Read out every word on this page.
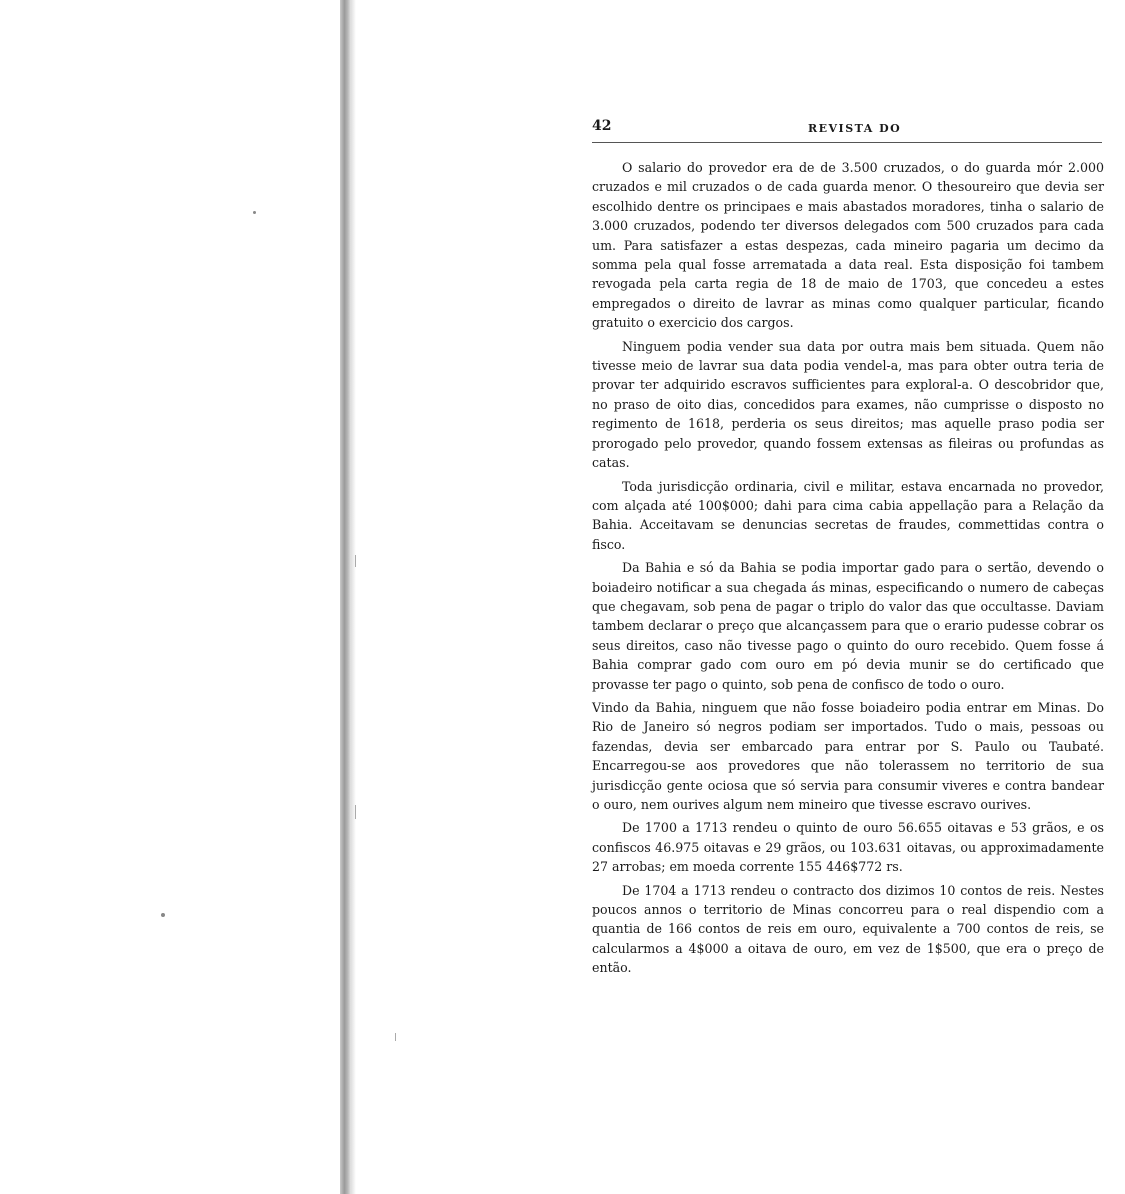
42	REVISTA DO

O salario do provedor era de de 3.500 cruzados, o do guarda mór 2.000 cruzados e mil cruzados o de cada guarda menor. O thesoureiro que devia ser escolhido dentre os principaes e mais abastados moradores, tinha o salario de 3.000 cruzados, podendo ter diversos delegados com 500 cruzados para cada um. Para satisfazer a estas despezas, cada mineiro pagaria um decimo da somma pela qual fosse arrematada a data real. Esta disposição foi tambem revogada pela carta regia de 18 de maio de 1703, que concedeu a estes empregados o direito de lavrar as minas como qualquer particular, ficando gratuito o exercicio dos cargos.

Ninguem podia vender sua data por outra mais bem situada. Quem não tivesse meio de lavrar sua data podia vendel-a, mas para obter outra teria de provar ter adquirido escravos sufficientes para exploral-a. O descobridor que, no praso de oito dias, concedidos para exames, não cumprisse o disposto no regimento de 1618, perderia os seus direitos; mas aquelle praso podia ser prorogado pelo provedor, quando fossem extensas as fileiras ou profundas as catas.

Toda jurisdicção ordinaria, civil e militar, estava encarnada no provedor, com alçada até 100$000; dahi para cima cabia appellação para a Relação da Bahia. Acceitavam se denuncias secretas de fraudes, commettidas contra o fisco.

Da Bahia e só da Bahia se podia importar gado para o sertão, devendo o boiadeiro notificar a sua chegada ás minas, especificando o numero de cabeças que chegavam, sob pena de pagar o triplo do valor das que occultasse. Daviam tambem declarar o preço que alcançassem para que o erario pudesse cobrar os seus direitos, caso não tivesse pago o quinto do ouro recebido. Quem fosse á Bahia comprar gado com ouro em pó devia munir se do certificado que provasse ter pago o quinto, sob pena de confisco de todo o ouro.

Vindo da Bahia, ninguem que não fosse boiadeiro podia entrar em Minas. Do Rio de Janeiro só negros podiam ser importados. Tudo o mais, pessoas ou fazendas, devia ser embarcado para entrar por S. Paulo ou Taubaté. Encarregou-se aos provedores que não tolerassem no territorio de sua jurisdicção gente ociosa que só servia para consumir viveres e contra bandear o ouro, nem ourives algum nem mineiro que tivesse escravo ourives.

De 1700 a 1713 rendeu o quinto de ouro 56.655 oitavas e 53 grãos, e os confiscos 46.975 oitavas e 29 grãos, ou 103.631 oitavas, ou approximadamente 27 arrobas; em moeda corrente 155 446$772 rs.

De 1704 a 1713 rendeu o contracto dos dizimos 10 contos de reis. Nestes poucos annos o territorio de Minas concorreu para o real dispendio com a quantia de 166 contos de reis em ouro, equivalente a 700 contos de reis, se calcularmos a 4$000 a oitava de ouro, em vez de 1$500, que era o preço de então.
